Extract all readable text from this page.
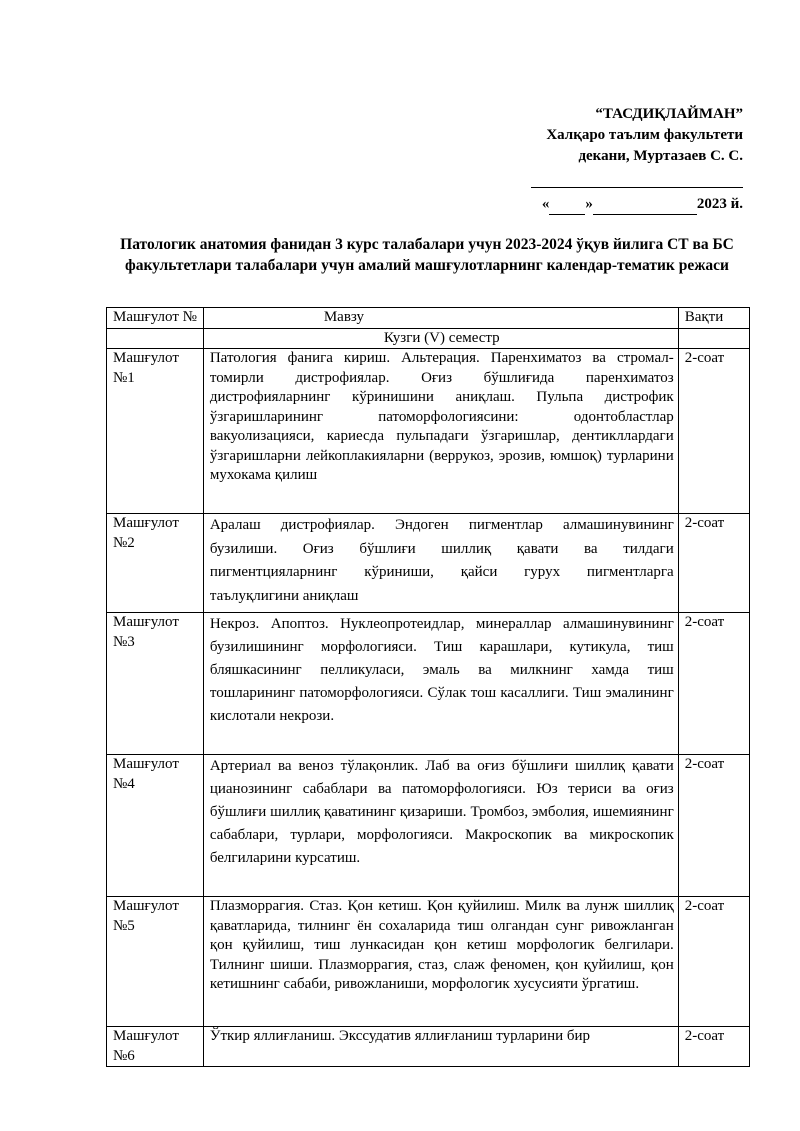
“ТАСДИҚЛАЙМАН”
Халқаро таълим факультети
декани, Муртазаев С. С.
« »	2023 й.
Патологик анатомия фанидан 3 курс талабалари учун 2023-2024 ўқув йилига СТ ва БС факультетлари талабалари учун амалий машғулотларнинг календар-тематик режаси
Машғулот №	Мавзу	Вақти
	Кузги (V) семестр	
Машғулот №1	Патология фанига кириш. Альтерация. Паренхиматоз ва стромал-томирли дистрофиялар. Оғиз бўшлиғида паренхиматоз дистрофияларнинг кўринишини аниқлаш. Пульпа дистрофик ўзгаришларининг патоморфологиясини: одонтобластлар вакуолизацияси, кариесда пульпадаги ўзгаришлар, дентикллардаги ўзгаришларни лейкоплакияларни (веррукоз, эрозив, юмшоқ) турларини мухокама қилиш	2-соат
Машғулот №2	Аралаш дистрофиялар. Эндоген пигментлар алмашинувининг бузилиши. Оғиз бўшлиғи шиллиқ қавати ва тилдаги пигментцияларнинг кўриниши, қайси гурух пигментларга таълуқлигини аниқлаш	2-соат
Машғулот №3	Некроз. Апоптоз. Нуклеопротеидлар, минераллар алмашинувининг бузилишининг морфологияси. Тиш карашлари, кутикула, тиш бляшкасининг пелликуласи, эмаль ва милкнинг хамда тиш тошларининг патоморфологияси. Сўлак тош касаллиги. Тиш эмалининг кислотали некрози.	2-соат
Машғулот №4	Артериал ва веноз тўлақонлик. Лаб ва оғиз бўшлиғи шиллиқ қавати цианозининг сабаблари ва патоморфологияси. Юз териси ва оғиз бўшлиғи шиллиқ қаватининг қизариши. Тромбоз, эмболия, ишемиянинг сабаблари, турлари, морфологияси. Макроскопик ва микроскопик белгиларини курсатиш.	2-соат
Машғулот №5	Плазморрагия. Стаз. Қон кетиш. Қон қуйилиш. Милк ва лунж шиллиқ қаватларида, тилнинг ён сохаларида тиш олгандан сунг ривожланган қон қуйилиш, тиш лункасидан қон кетиш морфологик белгилари. Тилнинг шиши. Плазморрагия, стаз, слаж феномен, қон қуйилиш, қон кетишнинг сабаби, ривожланиши, морфологик хусусияти ўргатиш.	2-соат
Машғулот №6	Ўткир яллиғланиш. Экссудатив яллиғланиш турларини бир	2-соат
